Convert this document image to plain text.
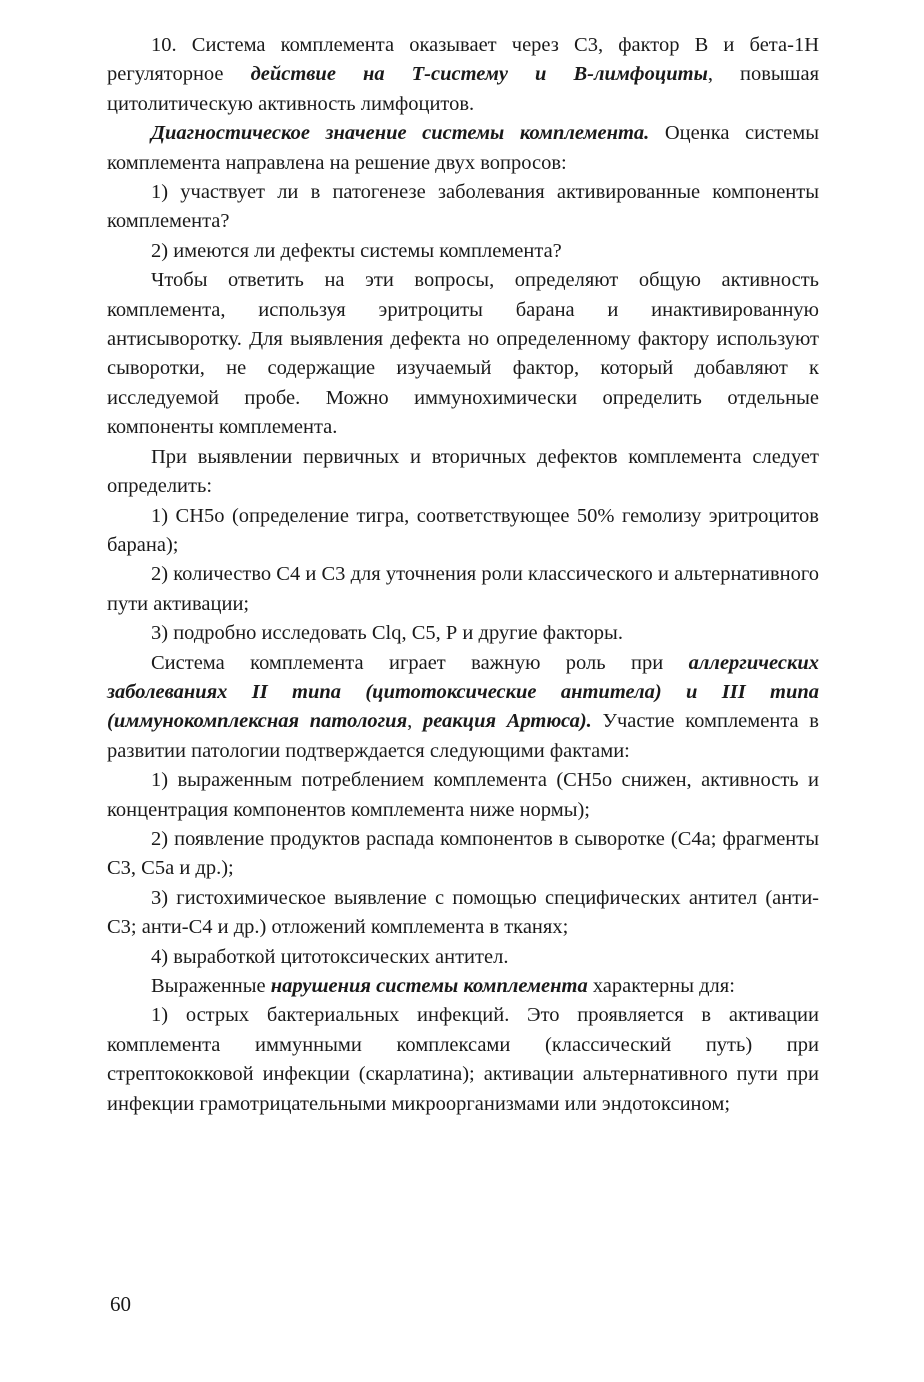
10. Система комплемента оказывает через С3, фактор В и бета-1Н регуляторное действие на Т-систему и В-лимфоциты, повышая цитолитическую активность лимфоцитов.

Диагностическое значение системы комплемента. Оценка системы комплемента направлена на решение двух вопросов:

1) участвует ли в патогенезе заболевания активированные компоненты комплемента?

2) имеются ли дефекты системы комплемента?

Чтобы ответить на эти вопросы, определяют общую активность комплемента, используя эритроциты барана и инактивированную антисыворотку. Для выявления дефекта но определенному фактору используют сыворотки, не содержащие изучаемый фактор, который добавляют к исследуемой пробе. Можно иммунохимически определить отдельные компоненты комплемента.

При выявлении первичных и вторичных дефектов комплемента следует определить:

1) СН5о (определение тигра, соответствующее 50% гемолизу эритроцитов барана);

2) количество С4 и С3 для уточнения роли классического и альтернативного пути активации;

3) подробно исследовать Clq, С5, Р и другие факторы.

Система комплемента играет важную роль при аллергических заболеваниях II типа (цитотоксические антитела) и III типа (иммунокомплексная патология, реакция Артюса). Участие комплемента в развитии патологии подтверждается следующими фактами:

1) выраженным потреблением комплемента (СН5о снижен, активность и концентрация компонентов комплемента ниже нормы);

2) появление продуктов распада компонентов в сыворотке (С4а; фрагменты С3, С5а и др.);

3) гистохимическое выявление с помощью специфических антител (анти-С3; анти-С4 и др.) отложений комплемента в тканях;

4) выработкой цитотоксических антител.

Выраженные нарушения системы комплемента характерны для:

1) острых бактериальных инфекций. Это проявляется в активации комплемента иммунными комплексами (классический путь) при стрептококковой инфекции (скарлатина); активации альтернативного пути при инфекции грамотрицательными микроорганизмами или эндотоксином;

60
